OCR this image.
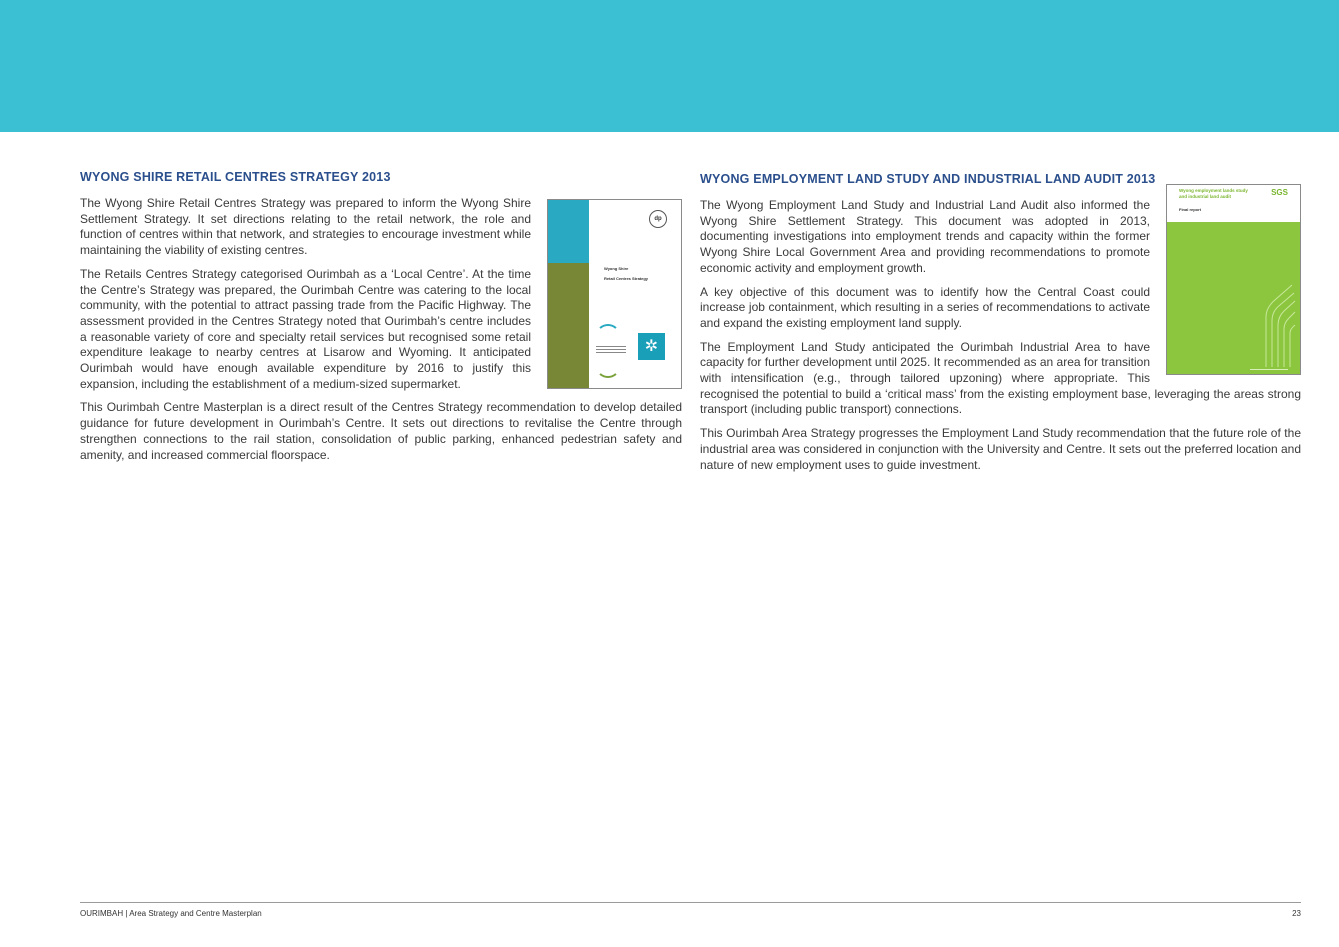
WYONG SHIRE RETAIL CENTRES STRATEGY 2013
dp
Wyong Shire
Retail Centres Strategy
✲

The Wyong Shire Retail Centres Strategy was prepared to inform the Wyong Shire Settlement Strategy. It set directions relating to the retail network, the role and function of centres within that network, and strategies to encourage investment while maintaining the viability of existing centres.

The Retails Centres Strategy categorised Ourimbah as a ‘Local Centre’. At the time the Centre’s Strategy was prepared, the Ourimbah Centre was catering to the local community, with the potential to attract passing trade from the Pacific Highway. The assessment provided in the Centres Strategy noted that Ourimbah’s centre includes a reasonable variety of core and specialty retail services but recognised some retail expenditure leakage to nearby centres at Lisarow and Wyoming. It anticipated Ourimbah would have enough available expenditure by 2016 to justify this expansion, including the establishment of a medium-sized supermarket.

This Ourimbah Centre Masterplan is a direct result of the Centres Strategy recommendation to develop detailed guidance for future development in Ourimbah’s Centre. It sets out directions to revitalise the Centre through strengthen connections to the rail station, consolidation of public parking, enhanced pedestrian safety and amenity, and increased commercial floorspace.

WYONG EMPLOYMENT LAND STUDY AND INDUSTRIAL LAND AUDIT 2013
Wyong employment lands study and industrial land audit
Final report
SGS

The Wyong Employment Land Study and Industrial Land Audit also informed the Wyong Shire Settlement Strategy. This document was adopted in 2013, documenting investigations into employment trends and capacity within the former Wyong Shire Local Government Area and providing recommendations to promote economic activity and employment growth.

A key objective of this document was to identify how the Central Coast could increase job containment, which resulting in a series of recommendations to activate and expand the existing employment land supply.

The Employment Land Study anticipated the Ourimbah Industrial Area to have capacity for further development until 2025. It recommended as an area for transition with intensification (e.g., through tailored upzoning) where appropriate. This recognised the potential to build a ‘critical mass’ from the existing employment base, leveraging the areas strong transport (including public transport) connections.

This Ourimbah Area Strategy progresses the Employment Land Study recommendation that the future role of the industrial area was considered in conjunction with the University and Centre. It sets out the preferred location and nature of new employment uses to guide investment.

OURIMBAH | Area Strategy and Centre Masterplan	23
